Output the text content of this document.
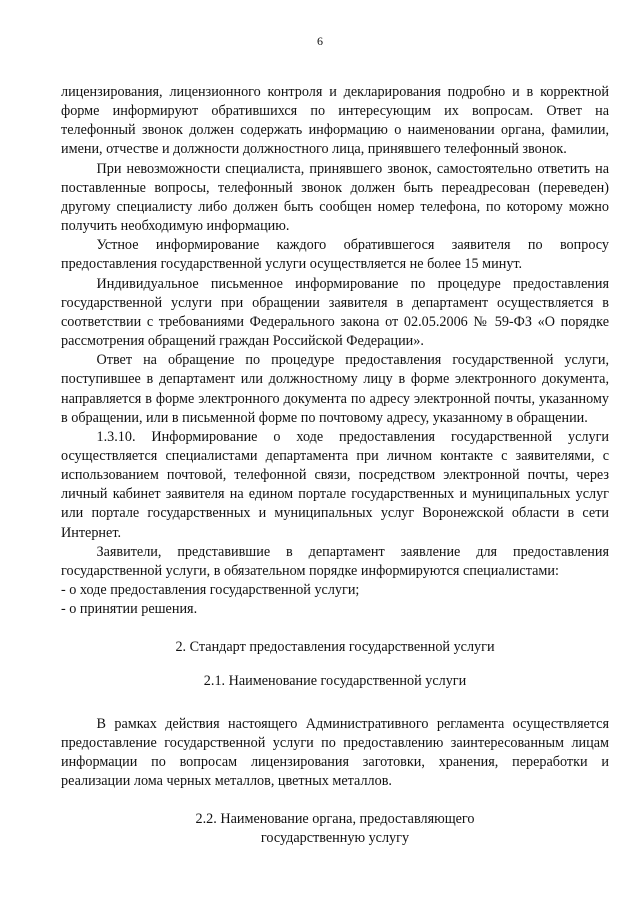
6

лицензирования, лицензионного контроля и декларирования подробно и в корректной форме информируют обратившихся по интересующим их вопросам. Ответ на телефонный звонок должен содержать информацию о наименовании органа, фамилии, имени, отчестве и должности должностного лица, принявшего телефонный звонок.

При невозможности специалиста, принявшего звонок, самостоятельно ответить на поставленные вопросы, телефонный звонок должен быть переадресован (переведен) другому специалисту либо должен быть сообщен номер телефона, по которому можно получить необходимую информацию.

Устное информирование каждого обратившегося заявителя по вопросу предоставления государственной услуги осуществляется не более 15 минут.

Индивидуальное письменное информирование по процедуре предоставления государственной услуги при обращении заявителя в департамент осуществляется в соответствии с требованиями Федерального закона от 02.05.2006 № 59-ФЗ «О порядке рассмотрения обращений граждан Российской Федерации».

Ответ на обращение по процедуре предоставления государственной услуги, поступившее в департамент или должностному лицу в форме электронного документа, направляется в форме электронного документа по адресу электронной почты, указанному в обращении, или в письменной форме по почтовому адресу, указанному в обращении.

1.3.10. Информирование о ходе предоставления государственной услуги осуществляется специалистами департамента при личном контакте с заявителями, с использованием почтовой, телефонной связи, посредством электронной почты, через личный кабинет заявителя на едином портале государственных и муниципальных услуг или портале государственных и муниципальных услуг Воронежской области в сети Интернет.

Заявители, представившие в департамент заявление для предоставления государственной услуги, в обязательном порядке информируются специалистами:

- о ходе предоставления государственной услуги;

- о принятии решения.

2. Стандарт предоставления государственной услуги

2.1. Наименование государственной услуги

В рамках действия настоящего Административного регламента осуществляется предоставление государственной услуги по предоставлению заинтересованным лицам информации по вопросам лицензирования заготовки, хранения, переработки и реализации лома черных металлов, цветных металлов.

2.2. Наименование органа, предоставляющего

государственную услугу
